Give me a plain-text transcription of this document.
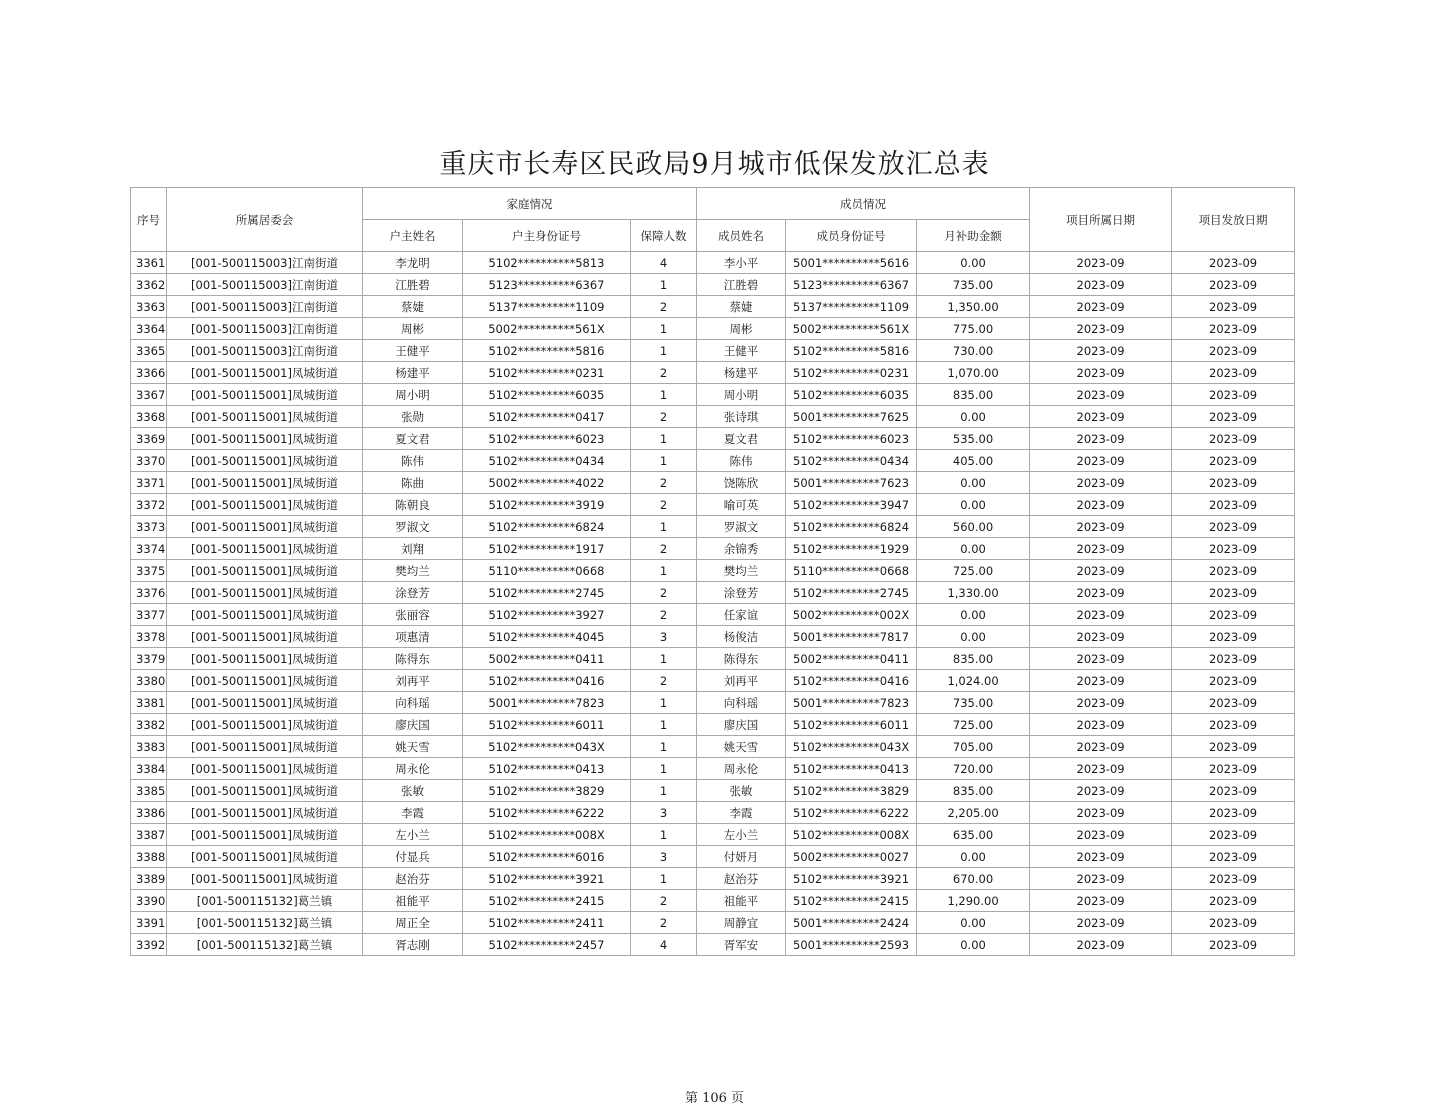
重庆市长寿区民政局9月城市低保发放汇总表
序号	所属居委会	家庭情况			成员情况			项目所属日期	项目发放日期
		户主姓名	户主身份证号	保障人数	成员姓名	成员身份证号	月补助金额		
3361	[001-500115003]江南街道	李龙明	5102**********5813	4	李小平	5001**********5616	0.00	2023-09	2023-09
3362	[001-500115003]江南街道	江胜碧	5123**********6367	1	江胜碧	5123**********6367	735.00	2023-09	2023-09
3363	[001-500115003]江南街道	蔡婕	5137**********1109	2	蔡婕	5137**********1109	1,350.00	2023-09	2023-09
3364	[001-500115003]江南街道	周彬	5002**********561X	1	周彬	5002**********561X	775.00	2023-09	2023-09
3365	[001-500115003]江南街道	王健平	5102**********5816	1	王健平	5102**********5816	730.00	2023-09	2023-09
3366	[001-500115001]凤城街道	杨建平	5102**********0231	2	杨建平	5102**********0231	1,070.00	2023-09	2023-09
3367	[001-500115001]凤城街道	周小明	5102**********6035	1	周小明	5102**********6035	835.00	2023-09	2023-09
3368	[001-500115001]凤城街道	张勋	5102**********0417	2	张诗琪	5001**********7625	0.00	2023-09	2023-09
3369	[001-500115001]凤城街道	夏文君	5102**********6023	1	夏文君	5102**********6023	535.00	2023-09	2023-09
3370	[001-500115001]凤城街道	陈伟	5102**********0434	1	陈伟	5102**********0434	405.00	2023-09	2023-09
3371	[001-500115001]凤城街道	陈曲	5002**********4022	2	饶陈欣	5001**********7623	0.00	2023-09	2023-09
3372	[001-500115001]凤城街道	陈朝良	5102**********3919	2	喻可英	5102**********3947	0.00	2023-09	2023-09
3373	[001-500115001]凤城街道	罗淑文	5102**********6824	1	罗淑文	5102**********6824	560.00	2023-09	2023-09
3374	[001-500115001]凤城街道	刘翔	5102**********1917	2	余锦秀	5102**********1929	0.00	2023-09	2023-09
3375	[001-500115001]凤城街道	樊均兰	5110**********0668	1	樊均兰	5110**********0668	725.00	2023-09	2023-09
3376	[001-500115001]凤城街道	涂登芳	5102**********2745	2	涂登芳	5102**********2745	1,330.00	2023-09	2023-09
3377	[001-500115001]凤城街道	张丽容	5102**********3927	2	任家谊	5002**********002X	0.00	2023-09	2023-09
3378	[001-500115001]凤城街道	项惠清	5102**********4045	3	杨俊洁	5001**********7817	0.00	2023-09	2023-09
3379	[001-500115001]凤城街道	陈得东	5002**********0411	1	陈得东	5002**********0411	835.00	2023-09	2023-09
3380	[001-500115001]凤城街道	刘再平	5102**********0416	2	刘再平	5102**********0416	1,024.00	2023-09	2023-09
3381	[001-500115001]凤城街道	向科瑶	5001**********7823	1	向科瑶	5001**********7823	735.00	2023-09	2023-09
3382	[001-500115001]凤城街道	廖庆国	5102**********6011	1	廖庆国	5102**********6011	725.00	2023-09	2023-09
3383	[001-500115001]凤城街道	姚天雪	5102**********043X	1	姚天雪	5102**********043X	705.00	2023-09	2023-09
3384	[001-500115001]凤城街道	周永伦	5102**********0413	1	周永伦	5102**********0413	720.00	2023-09	2023-09
3385	[001-500115001]凤城街道	张敏	5102**********3829	1	张敏	5102**********3829	835.00	2023-09	2023-09
3386	[001-500115001]凤城街道	李霞	5102**********6222	3	李霞	5102**********6222	2,205.00	2023-09	2023-09
3387	[001-500115001]凤城街道	左小兰	5102**********008X	1	左小兰	5102**********008X	635.00	2023-09	2023-09
3388	[001-500115001]凤城街道	付显兵	5102**********6016	3	付妍月	5002**********0027	0.00	2023-09	2023-09
3389	[001-500115001]凤城街道	赵治芬	5102**********3921	1	赵治芬	5102**********3921	670.00	2023-09	2023-09
3390	[001-500115132]葛兰镇	祖能平	5102**********2415	2	祖能平	5102**********2415	1,290.00	2023-09	2023-09
3391	[001-500115132]葛兰镇	周正全	5102**********2411	2	周静宜	5001**********2424	0.00	2023-09	2023-09
3392	[001-500115132]葛兰镇	胥志刚	5102**********2457	4	胥军安	5001**********2593	0.00	2023-09	2023-09
第 106 页
